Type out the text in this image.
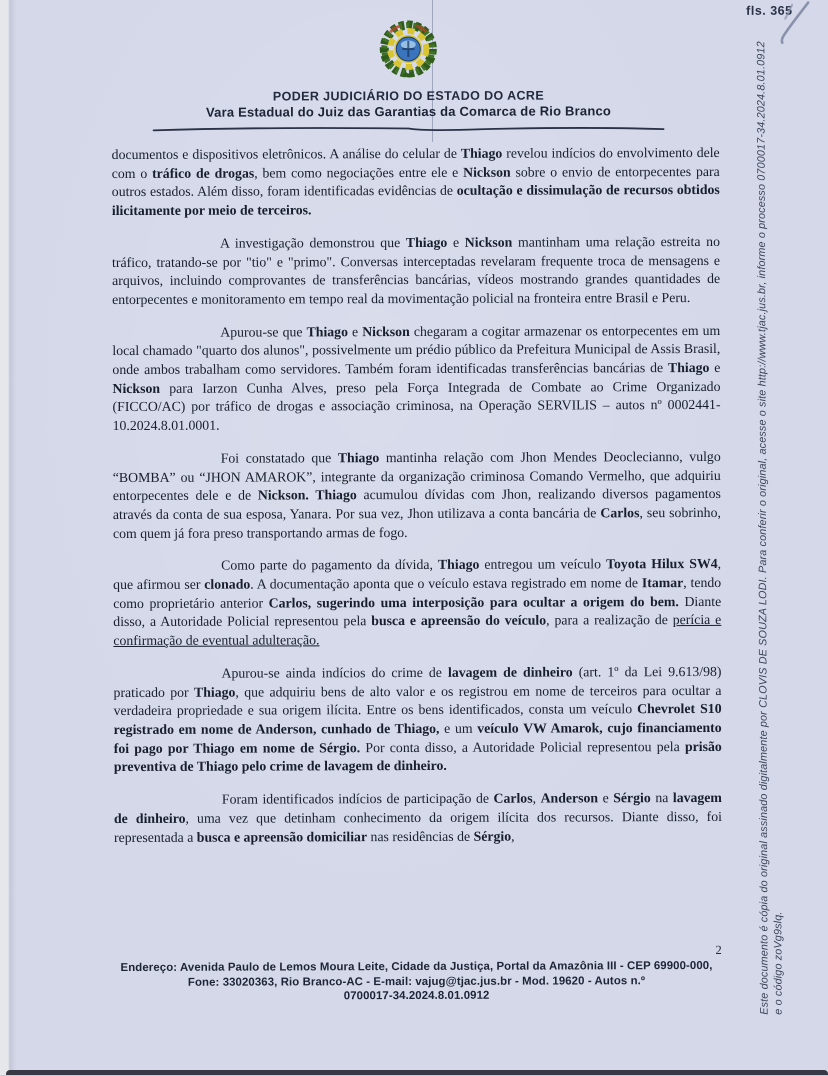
fls. 365
PODER JUDICIÁRIO DO ESTADO DO ACRE
Vara Estadual do Juiz das Garantias da Comarca de Rio Branco

documentos e dispositivos eletrônicos. A análise do celular de Thiago revelou indícios do envolvimento dele com o tráfico de drogas, bem como negociações entre ele e Nickson sobre o envio de entorpecentes para outros estados. Além disso, foram identificadas evidências de ocultação e dissimulação de recursos obtidos ilicitamente por meio de terceiros.

A investigação demonstrou que Thiago e Nickson mantinham uma relação estreita no tráfico, tratando-se por "tio" e "primo". Conversas interceptadas revelaram frequente troca de mensagens e arquivos, incluindo comprovantes de transferências bancárias, vídeos mostrando grandes quantidades de entorpecentes e monitoramento em tempo real da movimentação policial na fronteira entre Brasil e Peru.

Apurou-se que Thiago e Nickson chegaram a cogitar armazenar os entorpecentes em um local chamado "quarto dos alunos", possivelmente um prédio público da Prefeitura Municipal de Assis Brasil, onde ambos trabalham como servidores. Também foram identificadas transferências bancárias de Thiago e Nickson para Iarzon Cunha Alves, preso pela Força Integrada de Combate ao Crime Organizado (FICCO/AC) por tráfico de drogas e associação criminosa, na Operação SERVILIS – autos nº 0002441-10.2024.8.01.0001.

Foi constatado que Thiago mantinha relação com Jhon Mendes Deoclecianno, vulgo “BOMBA” ou “JHON AMAROK”, integrante da organização criminosa Comando Vermelho, que adquiriu entorpecentes dele e de Nickson. Thiago acumulou dívidas com Jhon, realizando diversos pagamentos através da conta de sua esposa, Yanara. Por sua vez, Jhon utilizava a conta bancária de Carlos, seu sobrinho, com quem já fora preso transportando armas de fogo.

Como parte do pagamento da dívida, Thiago entregou um veículo Toyota Hilux SW4, que afirmou ser clonado. A documentação aponta que o veículo estava registrado em nome de Itamar, tendo como proprietário anterior Carlos, sugerindo uma interposição para ocultar a origem do bem. Diante disso, a Autoridade Policial representou pela busca e apreensão do veículo, para a realização de perícia e confirmação de eventual adulteração.

Apurou-se ainda indícios do crime de lavagem de dinheiro (art. 1º da Lei 9.613/98) praticado por Thiago, que adquiriu bens de alto valor e os registrou em nome de terceiros para ocultar a verdadeira propriedade e sua origem ilícita. Entre os bens identificados, consta um veículo Chevrolet S10 registrado em nome de Anderson, cunhado de Thiago, e um veículo VW Amarok, cujo financiamento foi pago por Thiago em nome de Sérgio. Por conta disso, a Autoridade Policial representou pela prisão preventiva de Thiago pelo crime de lavagem de dinheiro.

Foram identificados indícios de participação de Carlos, Anderson e Sérgio na lavagem de dinheiro, uma vez que detinham conhecimento da origem ilícita dos recursos. Diante disso, foi representada a busca e apreensão domiciliar nas residências de Sérgio,

2
Endereço: Avenida Paulo de Lemos Moura Leite, Cidade da Justiça, Portal da Amazônia III - CEP 69900-000,
Fone: 33020363, Rio Branco-AC - E-mail: vajug@tjac.jus.br - Mod. 19620 - Autos n.º
0700017-34.2024.8.01.0912	Este documento é cópia do original assinado digitalmente por CLOVIS DE SOUZA LODI. Para conferir o original, acesse o site http://www.tjac.jus.br, informe o processo 0700017-34.2024.8.01.0912 e o código zoVg9slq.
